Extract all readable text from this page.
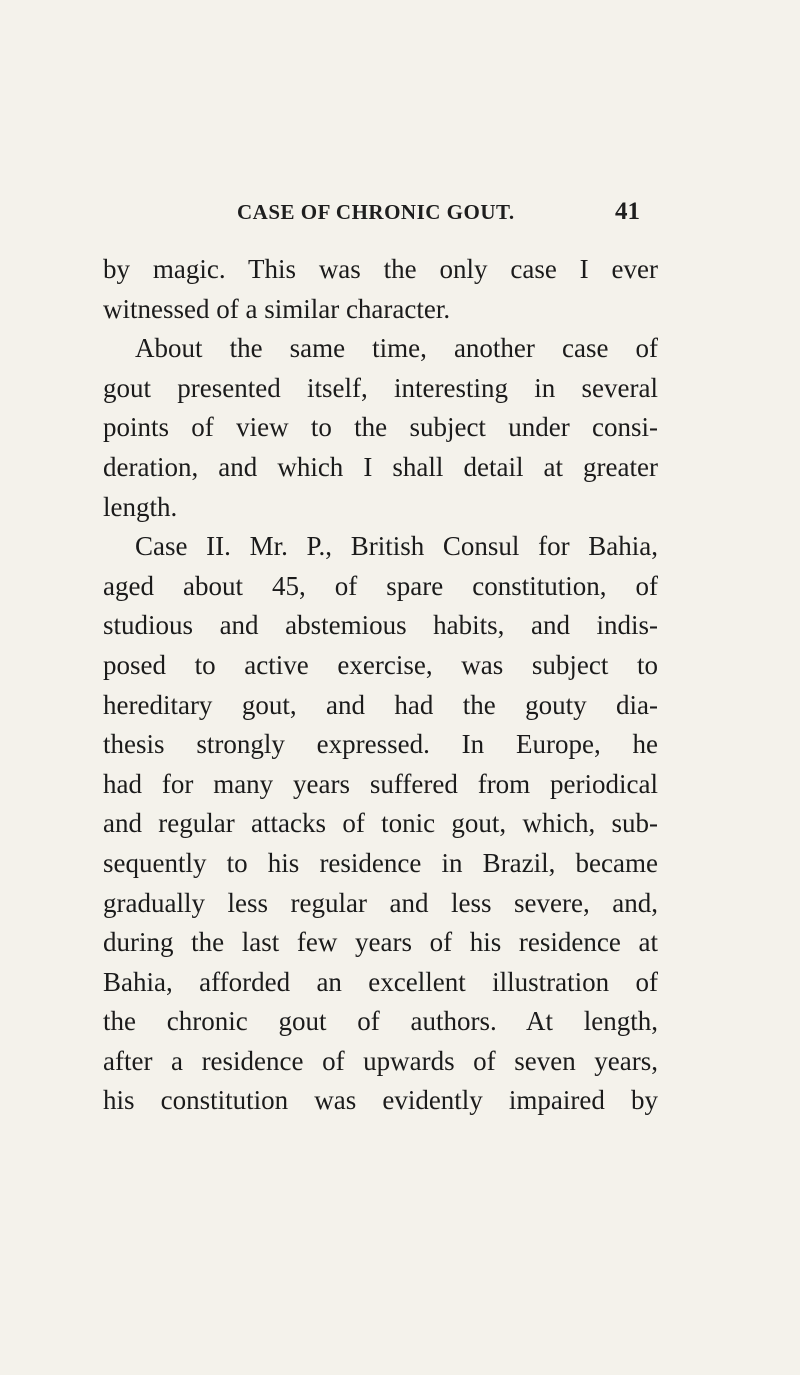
CASE OF CHRONIC GOUT.	41
by magic. This was the only case I ever
witnessed of a similar character.
About the same time, another case of
gout presented itself, interesting in several
points of view to the subject under consi-
deration, and which I shall detail at greater
length.
Case II. Mr. P., British Consul for Bahia,
aged about 45, of spare constitution, of
studious and abstemious habits, and indis-
posed to active exercise, was subject to
hereditary gout, and had the gouty dia-
thesis strongly expressed. In Europe, he
had for many years suffered from periodical
and regular attacks of tonic gout, which, sub-
sequently to his residence in Brazil, became
gradually less regular and less severe, and,
during the last few years of his residence at
Bahia, afforded an excellent illustration of
the chronic gout of authors. At length,
after a residence of upwards of seven years,
his constitution was evidently impaired by
